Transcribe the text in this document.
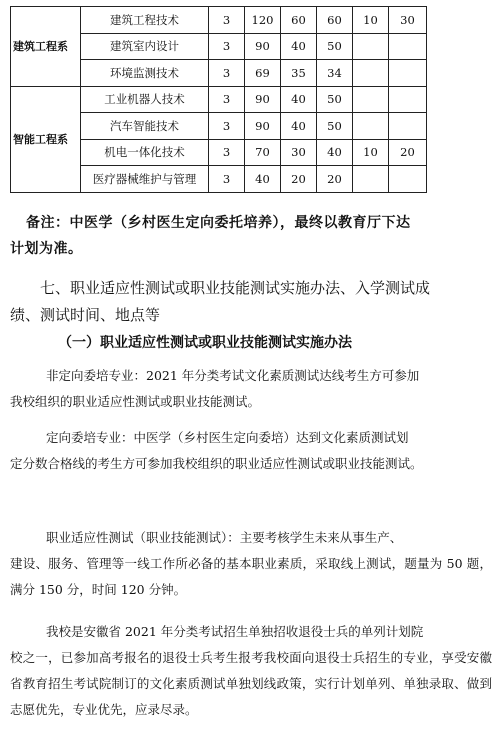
建筑工程系	建筑工程技术	3	120	60	60	10	30
	建筑室内设计	3	90	40	50		
	环境监测技术	3	69	35	34		
智能工程系	工业机器人技术	3	90	40	50		
	汽车智能技术	3	90	40	50		
	机电一体化技术	3	70	30	40	10	20
	医疗器械维护与管理	3	40	20	20		
备注：中医学（乡村医生定向委托培养），最终以教育厅下达
计划为准。
七、职业适应性测试或职业技能测试实施办法、入学测试成
绩、测试时间、地点等
（一）职业适应性测试或职业技能测试实施办法
非定向委培专业：2021 年分类考试文化素质测试达线考生方可参加
我校组织的职业适应性测试或职业技能测试。
定向委培专业：中医学（乡村医生定向委培）达到文化素质测试划
定分数合格线的考生方可参加我校组织的职业适应性测试或职业技能测试。
职业适应性测试（职业技能测试）：主要考核学生未来从事生产、
建设、服务、管理等一线工作所必备的基本职业素质，采取线上测试，题量为 50 题，满分 150 分，时间 120 分钟。
我校是安徽省 2021 年分类考试招生单独招收退役士兵的单列计划院
校之一，已参加高考报名的退役士兵考生报考我校面向退役士兵招生的专业，享受安徽省教育招生考试院制订的文化素质测试单独划线政策，实行计划单列、单独录取、做到志愿优先，专业优先，应录尽录。
